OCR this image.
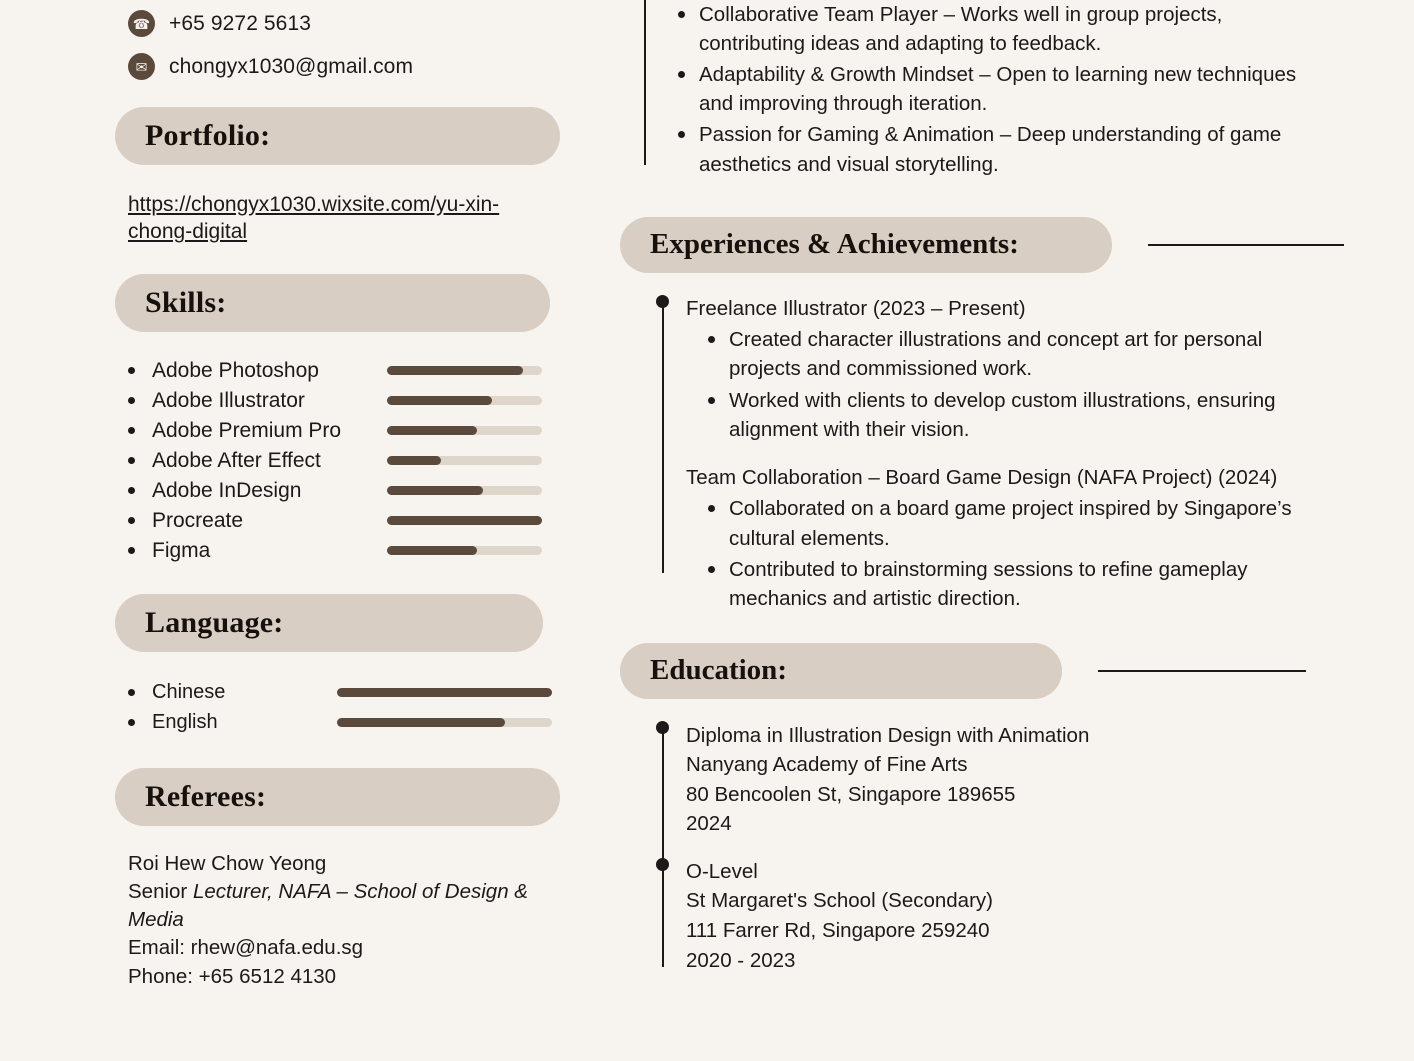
☎ +65 9272 5613
✉	chongyx1030@gmail.com
Portfolio:
https://chongyx1030.wixsite.com/yu-xin-chong-digital
Skills:
Adobe Photoshop
Adobe Illustrator
Adobe Premium Pro
Adobe After Effect
Adobe InDesign
Procreate
Figma
Language:
Chinese
English
Referees:
Roi Hew Chow Yeong
Senior Lecturer, NAFA – School of Design & Media
Email: rhew@nafa.edu.sg
Phone: +65 6512 4130
Collaborative Team Player – Works well in group projects, contributing ideas and adapting to feedback.
Adaptability & Growth Mindset – Open to learning new techniques and improving through iteration.
Passion for Gaming & Animation – Deep understanding of game aesthetics and visual storytelling.
Experiences & Achievements:
Freelance Illustrator (2023 – Present)
Created character illustrations and concept art for personal projects and commissioned work.
Worked with clients to develop custom illustrations, ensuring alignment with their vision.
Team Collaboration – Board Game Design (NAFA Project) (2024)
Collaborated on a board game project inspired by Singapore’s cultural elements.
Contributed to brainstorming sessions to refine gameplay mechanics and artistic direction.
Education:
Diploma in Illustration Design with Animation
Nanyang Academy of Fine Arts
80 Bencoolen St, Singapore 189655
2024
O-Level
St Margaret's School (Secondary)
111 Farrer Rd, Singapore 259240
2020 - 2023
